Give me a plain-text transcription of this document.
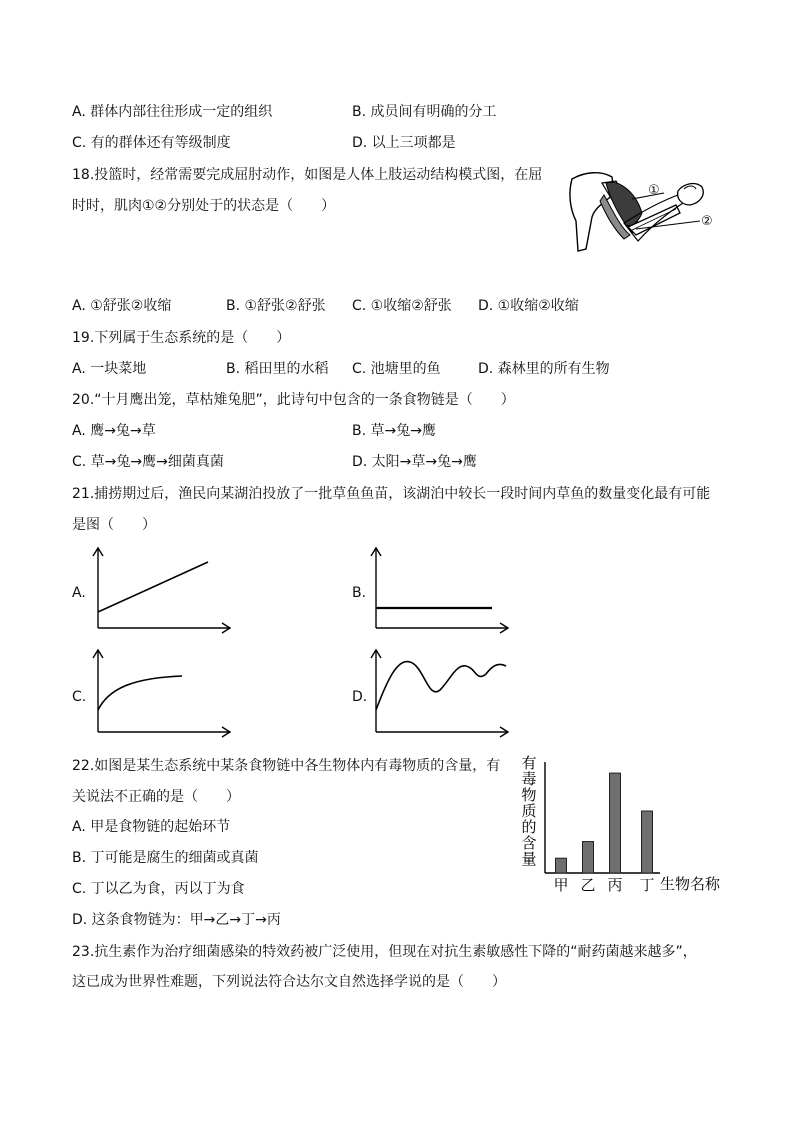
A. 群体内部往往形成一定的组织	B. 成员间有明确的分工
C. 有的群体还有等级制度	D. 以上三项都是
18.投篮时，经常需要完成屈肘动作，如图是人体上肢运动结构模式图，在屈
时时，肌肉①②分别处于的状态是（　　）
①
②
A. ①舒张②收缩	B. ①舒张②舒张 C. ①收缩②舒张 D. ①收缩②收缩
19.下列属于生态系统的是（　　）
A. 一块菜地	B. 稻田里的水稻 C. 池塘里的鱼	D. 森林里的所有生物
20.“十月鹰出笼，草枯雉兔肥”，此诗句中包含的一条食物链是（　　）
A. 鹰→兔→草	B. 草→兔→鹰
C. 草→兔→鹰→细菌真菌	D. 太阳→草→兔→鹰
21.捕捞期过后，渔民向某湖泊投放了一批草鱼鱼苗，该湖泊中较长一段时间内草鱼的数量变化最有可能
是图（　　）
A.	B.
C.	D.
22.如图是某生态系统中某条食物链中各生物体内有毒物质的含量，有
关说法不正确的是（　　）
A. 甲是食物链的起始环节
B. 丁可能是腐生的细菌或真菌
C. 丁以乙为食，丙以丁为食
D. 这条食物链为：甲→乙→丁→丙
有
毒
物
质
的
含
量
甲 乙 丙 丁 生物名称
23.抗生素作为治疗细菌感染的特效药被广泛使用，但现在对抗生素敏感性下降的“耐药菌越来越多”，
这已成为世界性难题，下列说法符合达尔文自然选择学说的是（　　）
